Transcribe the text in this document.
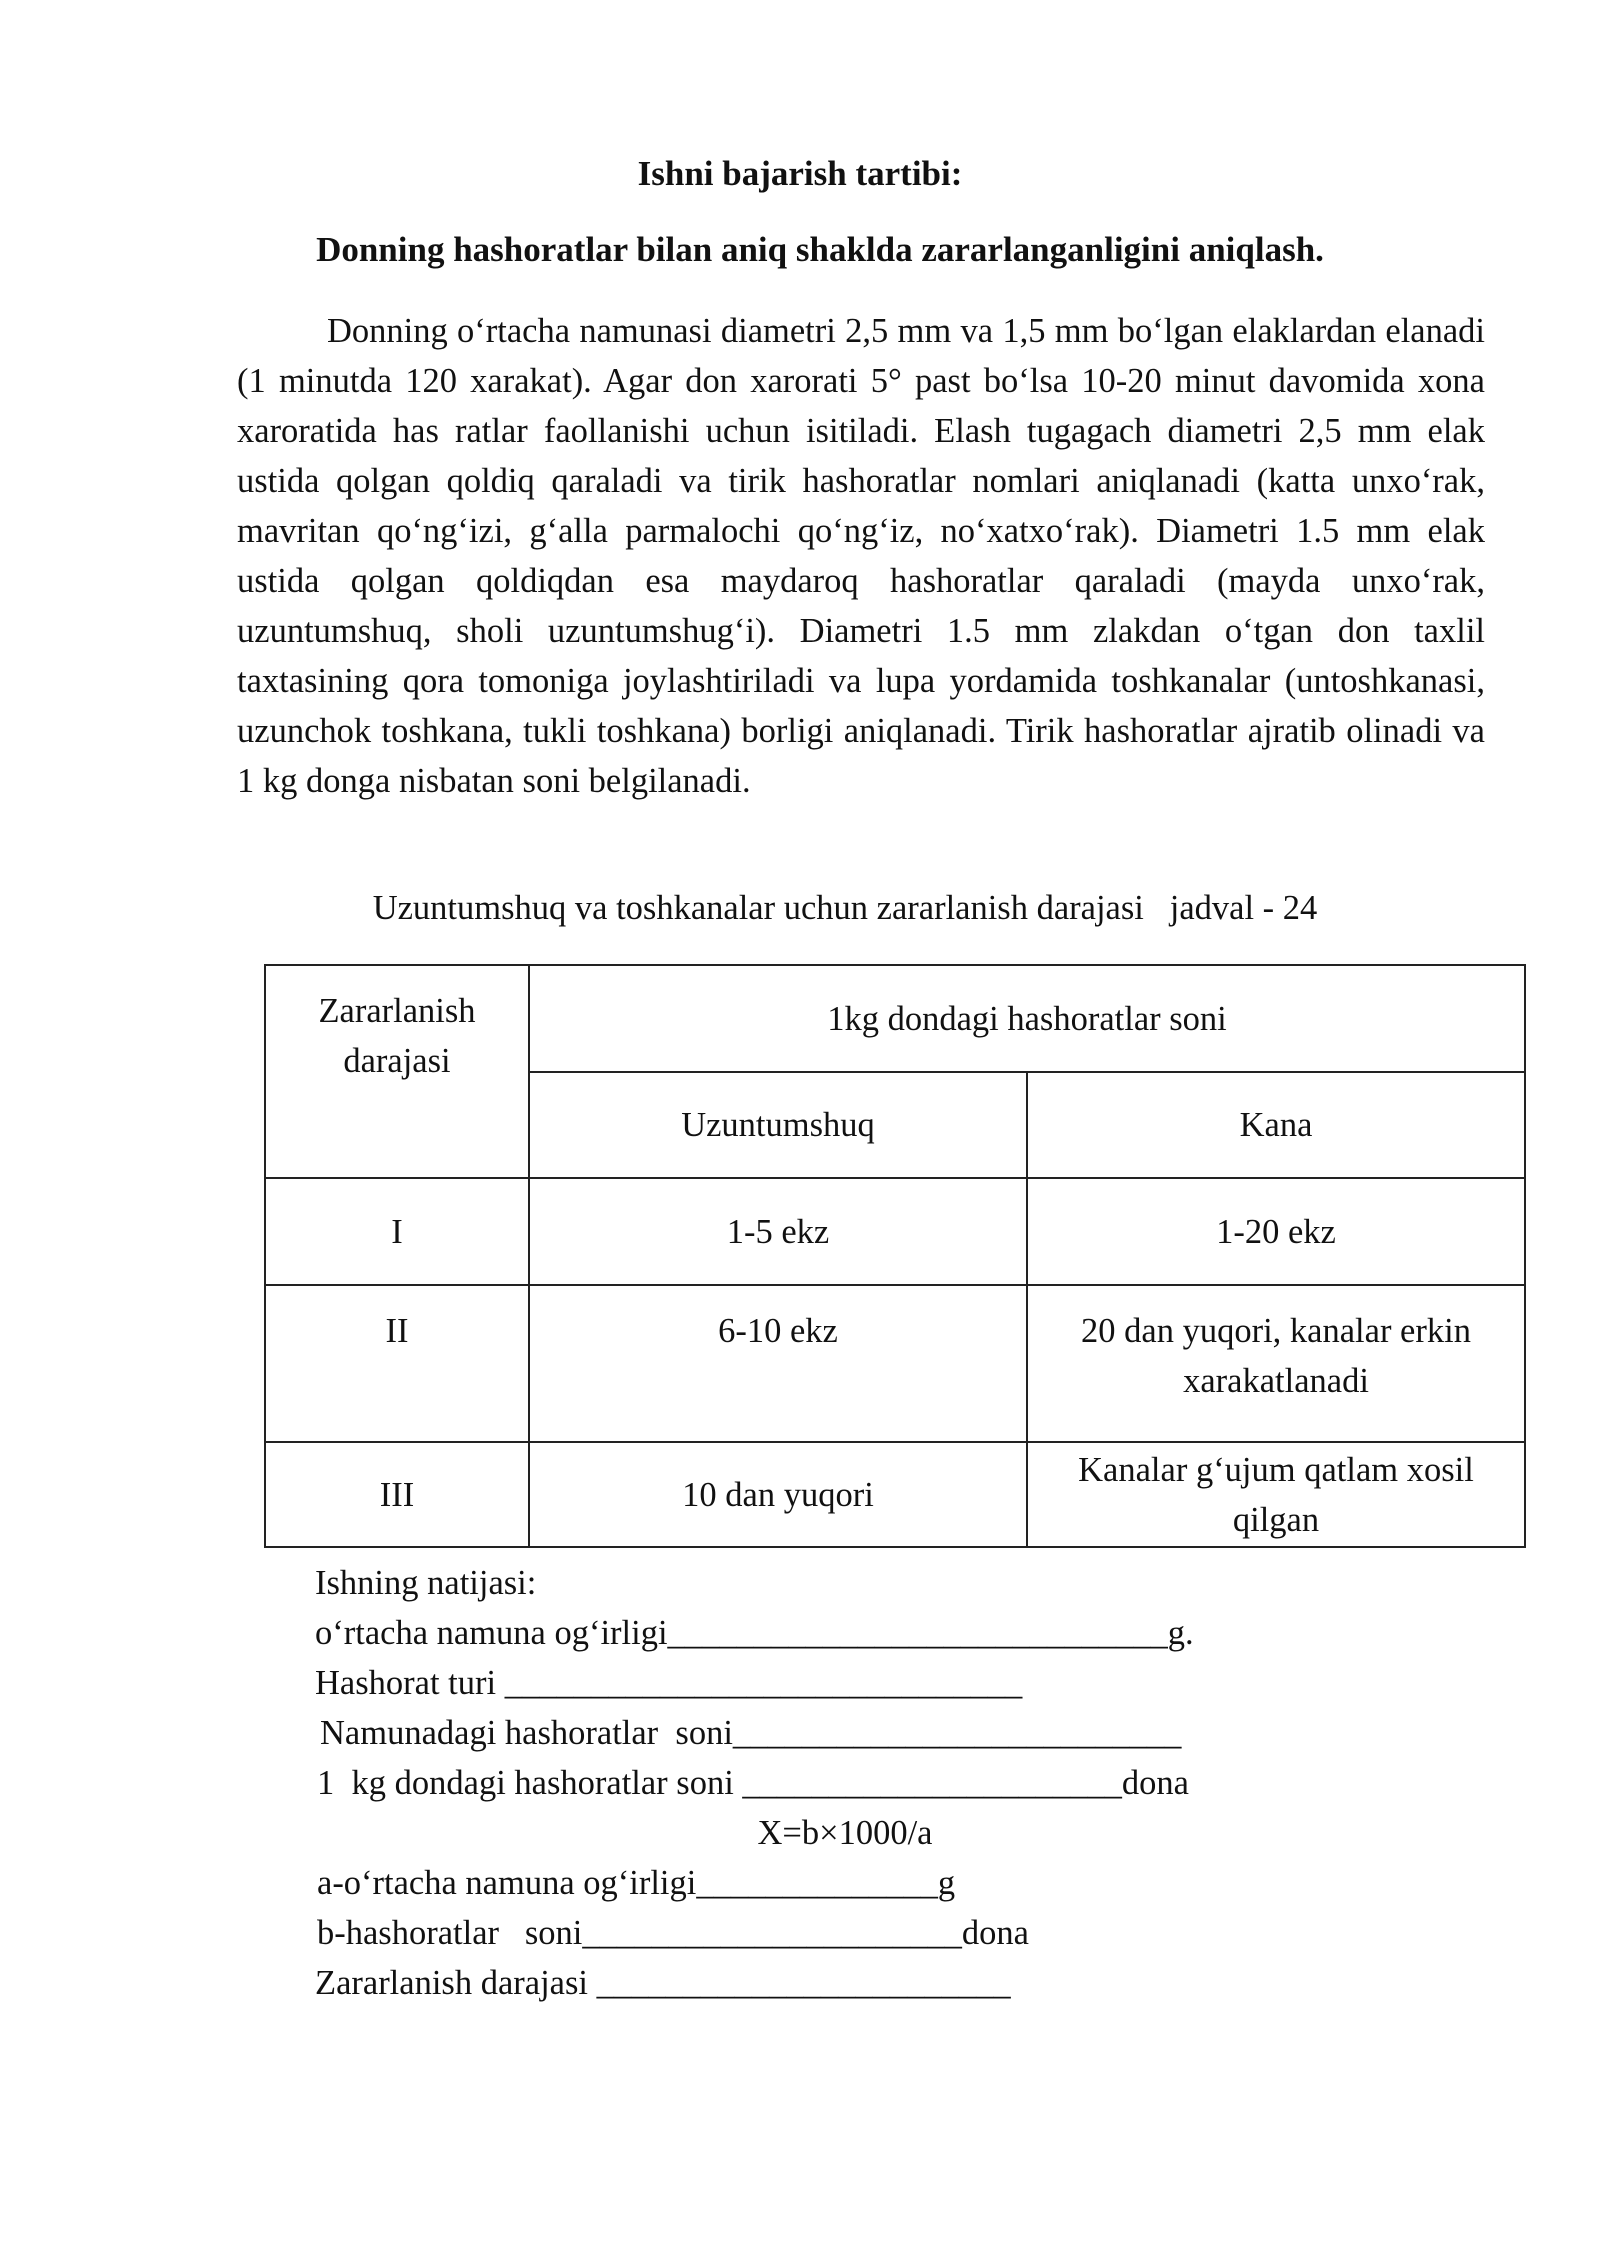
Ishni bajarish tartibi:
Donning hashoratlar bilan aniq shaklda zararlanganligini aniqlash.

Donning o‘rtacha namunasi diametri 2,5 mm va 1,5 mm bo‘lgan elaklardan elanadi (1 minutda 120 xarakat). Agar don xarorati 5° past bo‘lsa 10-20 minut davomida xona xaroratida has ratlar faollanishi uchun isitiladi. Elash tugagach diametri 2,5 mm elak ustida qolgan qoldiq qaraladi va tirik hashoratlar nomlari aniqlanadi (katta unxo‘rak, mavritan qo‘ng‘izi, g‘alla parmalochi qo‘ng‘iz, no‘xatxo‘rak). Diametri 1.5 mm elak ustida qolgan qoldiqdan esa maydaroq hashoratlar qaraladi (mayda unxo‘rak, uzuntumshuq, sholi uzuntumshug‘i). Diametri 1.5 mm zlakdan o‘tgan don taxlil taxtasining qora tomoniga joylashtiriladi va lupa yordamida toshkanalar (untoshkanasi, uzunchok toshkana, tukli toshkana) borligi aniqlanadi. Tirik hashoratlar ajratib olinadi va 1 kg donga nisbatan soni belgilanadi.

Uzuntumshuq va toshkanalar uchun zararlanish darajasi   jadval - 24
Zararlanish darajasi	1kg dondagi hashoratlar soni	
	Uzuntumshuq	Kana
I	1-5 ekz	1-20 ekz
II	6-10 ekz	20 dan yuqori, kanalar erkin xarakatlanadi
III	10 dan yuqori	Kanalar g‘ujum qatlam xosil qilgan
Ishning natijasi:
o‘rtacha namuna og‘irligi_____________________________g.
Hashorat turi ______________________________
Namunadagi hashoratlar  soni__________________________
1  kg dondagi hashoratlar soni ______________________dona
X=b×1000/a
a-o‘rtacha namuna og‘irligi______________g
b-hashoratlar   soni______________________dona
Zararlanish darajasi ________________________
